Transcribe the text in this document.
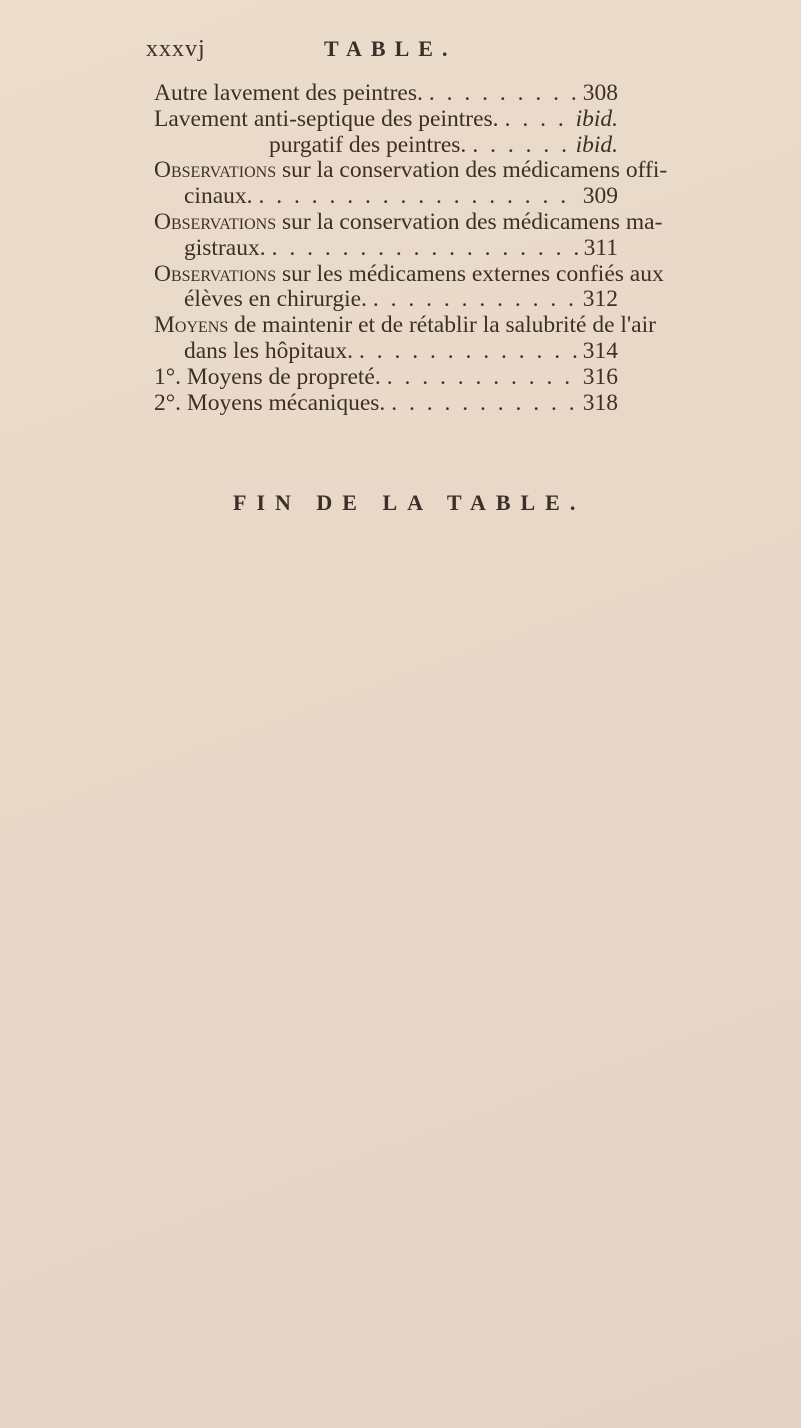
xxxvj	TABLE.
Autre lavement des peintres. . . .	308
Lavement anti-septique des peintres. . . .	ibid.
purgatif des peintres. . . .	ibid.
Observations sur la conservation des médicamens offi-
cinaux. . . .	309
Observations sur la conservation des médicamens ma-
gistraux. . . .	311
Observations sur les médicamens externes confiés aux
élèves en chirurgie. . . .	312
Moyens de maintenir et de rétablir la salubrité de l'air
dans les hôpitaux. . . .	314
1°. Moyens de propreté. . . .	316
2°. Moyens mécaniques. . . .	318
FIN DE LA TABLE.
